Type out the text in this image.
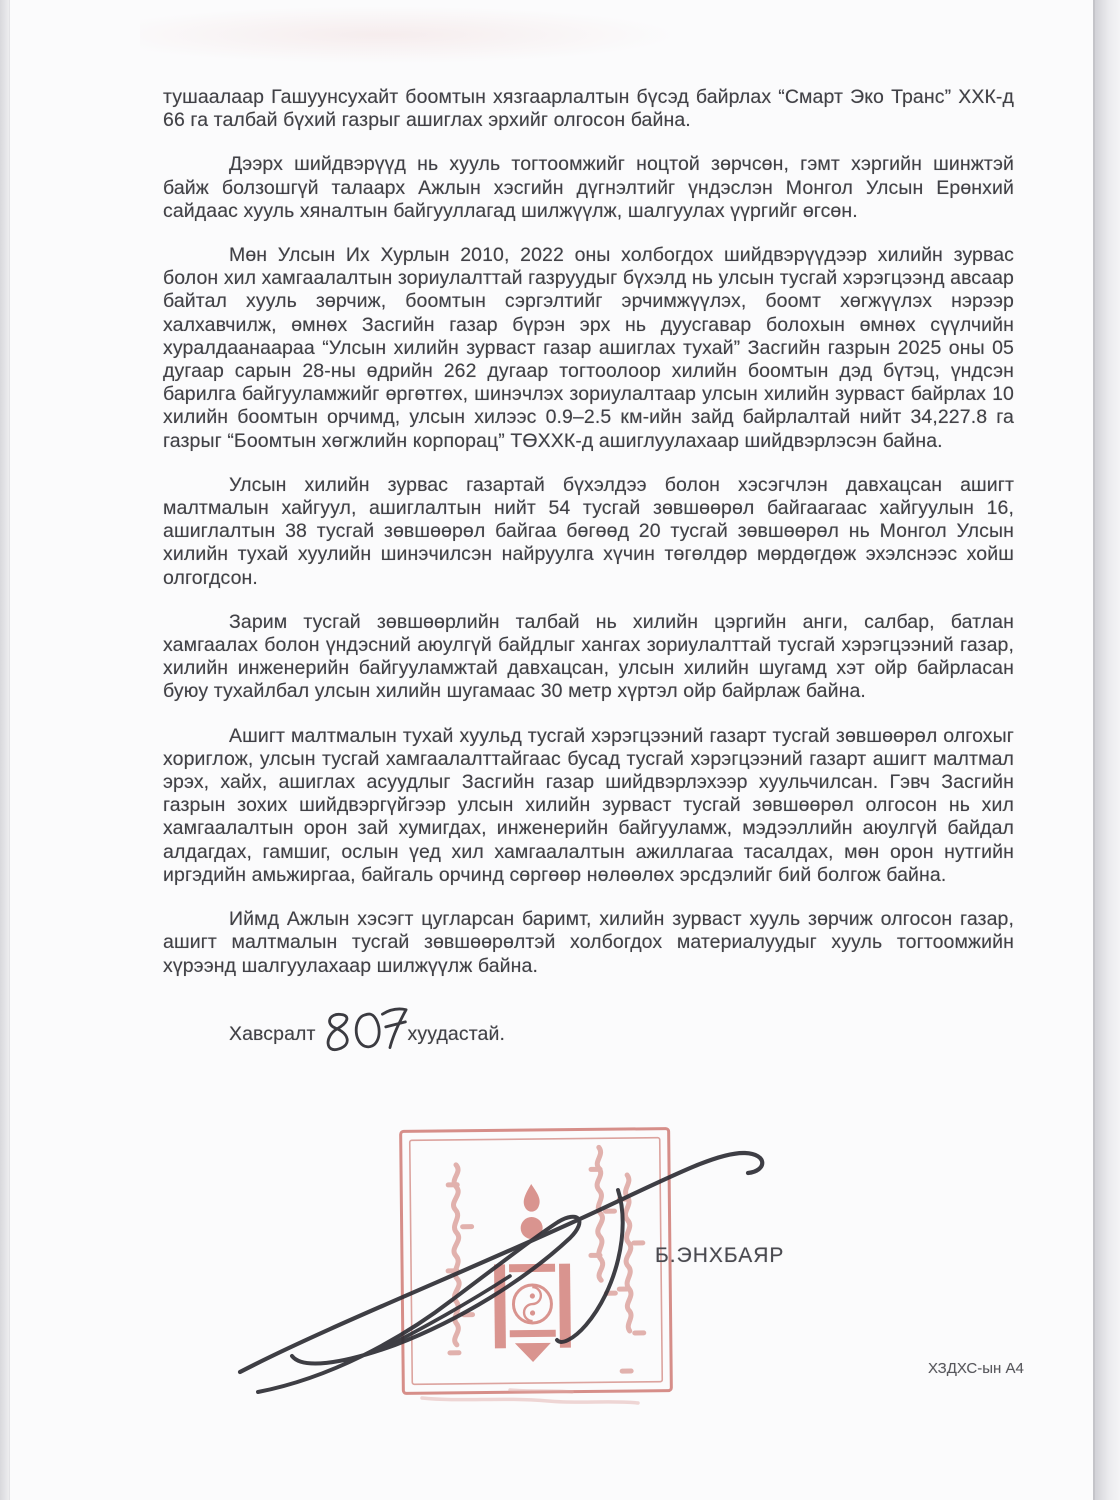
тушаалаар Гашуунсухайт боомтын хязгаарлалтын бүсэд байрлах “Смарт Эко Транс” ХХК-д 66 га талбай бүхий газрыг ашиглах эрхийг олгосон байна.

Дээрх шийдвэрүүд нь хууль тогтоомжийг ноцтой зөрчсөн, гэмт хэргийн шинжтэй байж болзошгүй талаарх Ажлын хэсгийн дүгнэлтийг үндэслэн Монгол Улсын Ерөнхий сайдаас хууль хяналтын байгууллагад шилжүүлж, шалгуулах үүргийг өгсөн.

Мөн Улсын Их Хурлын 2010, 2022 оны холбогдох шийдвэрүүдээр хилийн зурвас болон хил хамгаалалтын зориулалттай газруудыг бүхэлд нь улсын тусгай хэрэгцээнд авсаар байтал хууль зөрчиж, боомтын сэргэлтийг эрчимжүүлэх, боомт хөгжүүлэх нэрээр халхавчилж, өмнөх Засгийн газар бүрэн эрх нь дуусгавар болохын өмнөх сүүлчийн хуралдаанаараа “Улсын хилийн зурваст газар ашиглах тухай” Засгийн газрын 2025 оны 05 дугаар сарын 28-ны өдрийн 262 дугаар тогтоолоор хилийн боомтын дэд бүтэц, үндсэн барилга байгууламжийг өргөтгөх, шинэчлэх зориулалтаар улсын хилийн зурваст байрлах 10 хилийн боомтын орчимд, улсын хилээс 0.9–2.5 км-ийн зайд байрлалтай нийт 34,227.8 га газрыг “Боомтын хөгжлийн корпорац” ТӨХХК-д ашиглуулахаар шийдвэрлэсэн байна.

Улсын хилийн зурвас газартай бүхэлдээ болон хэсэгчлэн давхацсан ашигт малтмалын хайгуул, ашиглалтын нийт 54 тусгай зөвшөөрөл байгаагаас хайгуулын 16, ашиглалтын 38 тусгай зөвшөөрөл байгаа бөгөөд 20 тусгай зөвшөөрөл нь Монгол Улсын хилийн тухай хуулийн шинэчилсэн найруулга хүчин төгөлдөр мөрдөгдөж эхэлснээс хойш олгогдсон.

Зарим тусгай зөвшөөрлийн талбай нь хилийн цэргийн анги, салбар, батлан хамгаалах болон үндэсний аюулгүй байдлыг хангах зориулалттай тусгай хэрэгцээний газар, хилийн инженерийн байгууламжтай давхацсан, улсын хилийн шугамд хэт ойр байрласан буюу тухайлбал улсын хилийн шугамаас 30 метр хүртэл ойр байрлаж байна.

Ашигт малтмалын тухай хуульд тусгай хэрэгцээний газарт тусгай зөвшөөрөл олгохыг хориглож, улсын тусгай хамгаалалттайгаас бусад тусгай хэрэгцээний газарт ашигт малтмал эрэх, хайх, ашиглах асуудлыг Засгийн газар шийдвэрлэхээр хуульчилсан. Гэвч Засгийн газрын зохих шийдвэргүйгээр улсын хилийн зурваст тусгай зөвшөөрөл олгосон нь хил хамгаалалтын орон зай хумигдах, инженерийн байгууламж, мэдээллийн аюулгүй байдал алдагдах, гамшиг, ослын үед хил хамгаалалтын ажиллагаа тасалдах, мөн орон нутгийн иргэдийн амьжиргаа, байгаль орчинд сөргөөр нөлөөлөх эрсдэлийг бий болгож байна.

Иймд Ажлын хэсэгт цугларсан баримт, хилийн зурваст хууль зөрчиж олгосон газар, ашигт малтмалын тусгай зөвшөөрөлтэй холбогдох материалуудыг хууль тогтоомжийн хүрээнд шалгуулахаар шилжүүлж байна.

Хавсралт	хуудастай.

Б.ЭНХБАЯР
ХЗДХС-ын А4
